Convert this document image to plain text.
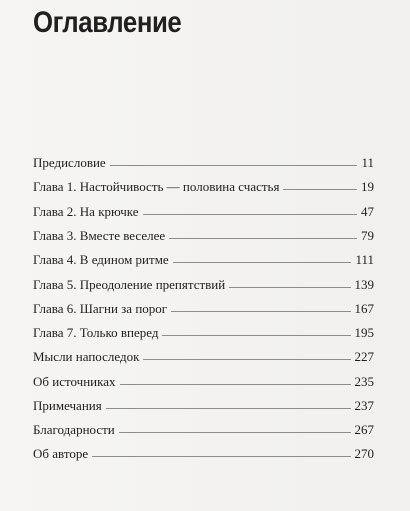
Оглавление
Предисловие	11
Глава 1. Настойчивость — половина счастья	19
Глава 2. На крючке	47
Глава 3. Вместе веселее	79
Глава 4. В едином ритме	111
Глава 5. Преодоление препятствий	139
Глава 6. Шагни за порог	167
Глава 7. Только вперед	195
Мысли напоследок	227
Об источниках	235
Примечания	237
Благодарности	267
Об авторе	270
